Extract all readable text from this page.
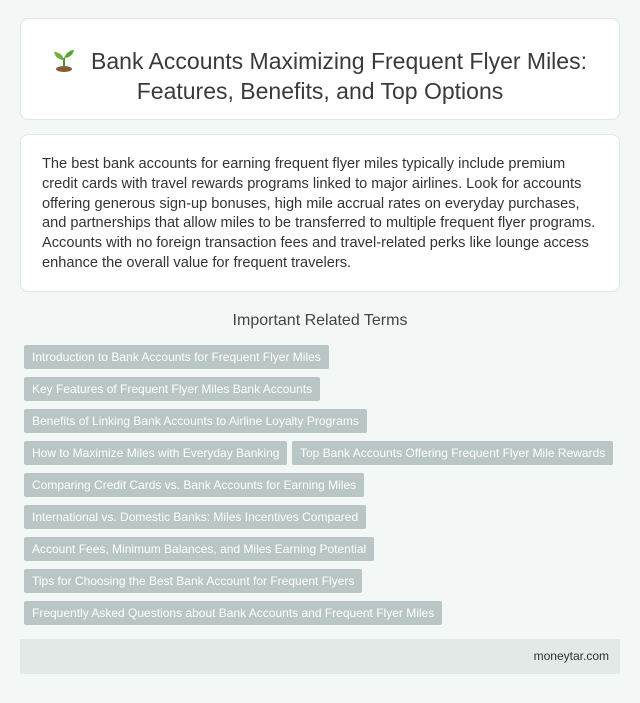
Bank Accounts Maximizing Frequent Flyer Miles: Features, Benefits, and Top Options

The best bank accounts for earning frequent flyer miles typically include premium credit cards with travel rewards programs linked to major airlines. Look for accounts offering generous sign-up bonuses, high mile accrual rates on everyday purchases, and partnerships that allow miles to be transferred to multiple frequent flyer programs. Accounts with no foreign transaction fees and travel-related perks like lounge access enhance the overall value for frequent travelers.

Important Related Terms
Introduction to Bank Accounts for Frequent Flyer Miles
Key Features of Frequent Flyer Miles Bank Accounts
Benefits of Linking Bank Accounts to Airline Loyalty Programs
How to Maximize Miles with Everyday Banking	Top Bank Accounts Offering Frequent Flyer Mile Rewards
Comparing Credit Cards vs. Bank Accounts for Earning Miles
International vs. Domestic Banks: Miles Incentives Compared
Account Fees, Minimum Balances, and Miles Earning Potential
Tips for Choosing the Best Bank Account for Frequent Flyers
Frequently Asked Questions about Bank Accounts and Frequent Flyer Miles
moneytar.com
